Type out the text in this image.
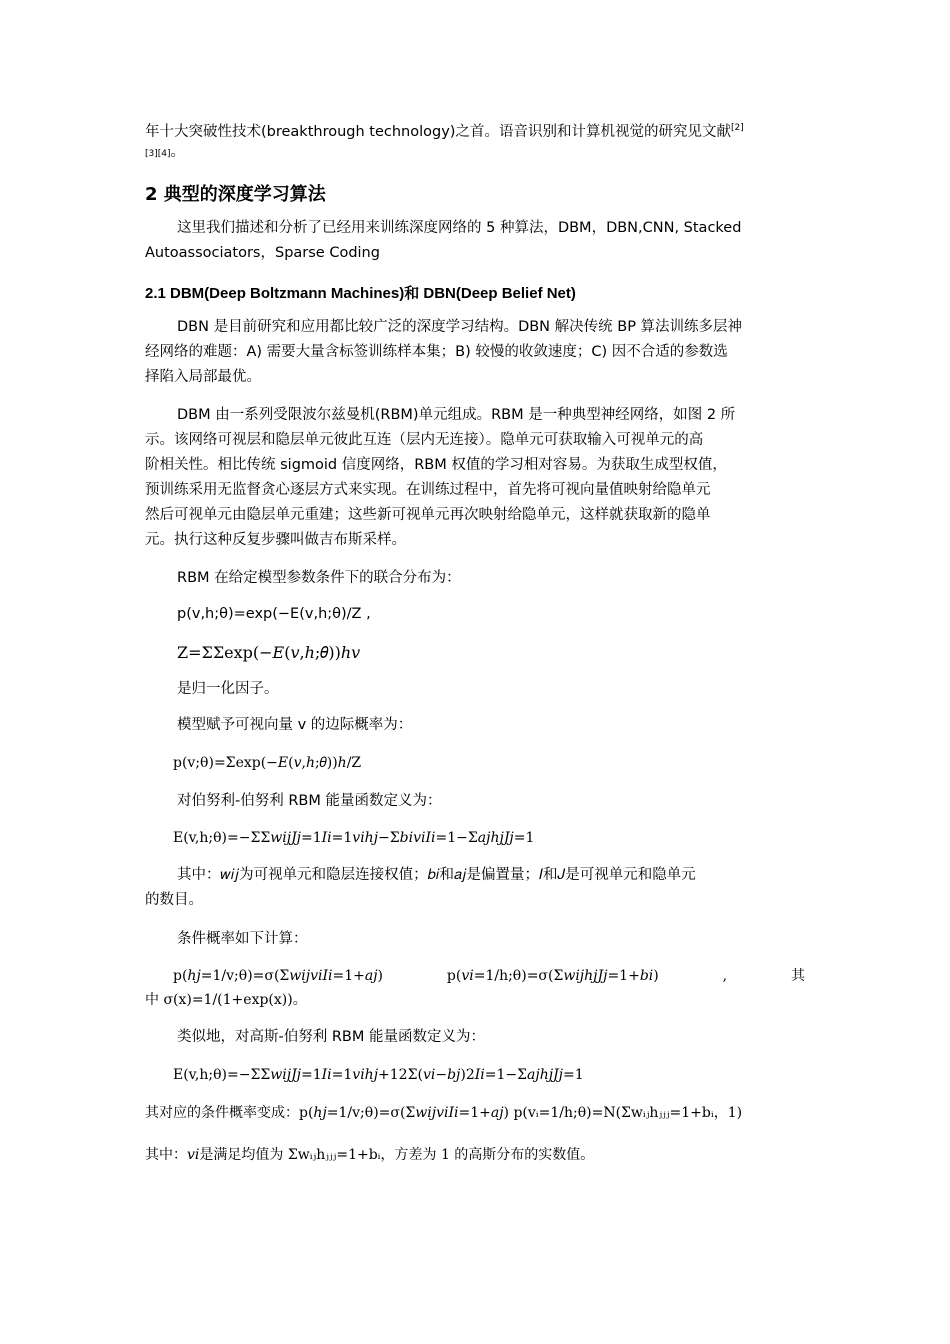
年十大突破性技术(breakthrough technology)之首。语音识别和计算机视觉的研究见文献[2]
[3][4]。
2 典型的深度学习算法
这里我们描述和分析了已经用来训练深度网络的 5 种算法，DBM，DBN,CNN, Stacked
Autoassociators，Sparse Coding
2.1 DBM(Deep Boltzmann Machines)和 DBN(Deep Belief Net)
DBN 是目前研究和应用都比较广泛的深度学习结构。DBN 解决传统 BP 算法训练多层神
经网络的难题：A) 需要大量含标签训练样本集；B) 较慢的收敛速度；C) 因不合适的参数选
择陷入局部最优。
DBM 由一系列受限波尔兹曼机(RBM)单元组成。RBM 是一种典型神经网络，如图 2 所
示。该网络可视层和隐层单元彼此互连（层内无连接）。隐单元可获取输入可视单元的高
阶相关性。相比传统 sigmoid 信度网络，RBM 权值的学习相对容易。为获取生成型权值，
预训练采用无监督贪心逐层方式来实现。在训练过程中，首先将可视向量值映射给隐单元
然后可视单元由隐层单元重建；这些新可视单元再次映射给隐单元，这样就获取新的隐单
元。执行这种反复步骤叫做吉布斯采样。
RBM 在给定模型参数条件下的联合分布为：
p(v,h;θ)=exp(−E(v,h;θ)/Z ,
Z=ΣΣexp(−𝐸(𝑣,ℎ;𝜃))ℎ𝑣
是归一化因子。
模型赋予可视向量 v 的边际概率为：
p(v;θ)=Σexp(−𝐸(𝑣,ℎ;𝜃))ℎ/Z
对伯努利-伯努利 RBM 能量函数定义为：
E(v,h;θ)=−ΣΣ𝑤𝑖𝑗𝐽𝑗=1𝐼𝑖=1𝑣𝑖ℎ𝑗−Σ𝑏𝑖𝑣𝑖𝐼𝑖=1−Σ𝑎𝑗ℎ𝑗𝐽𝑗=1
其中：𝑤𝑖𝑗为可视单元和隐层连接权值；𝑏𝑖和𝑎𝑗是偏置量；𝐼和𝐽是可视单元和隐单元
的数目。
条件概率如下计算：
p(ℎ𝑗=1/v;θ)=σ(Σ𝑤𝑖𝑗𝑣𝑖𝐼𝑖=1+𝑎𝑗)	p(𝑣𝑖=1/h;θ)=σ(Σ𝑤𝑖𝑗ℎ𝑗𝐽𝑗=1+𝑏𝑖)	,	其
中 σ(x)=1/(1+exp(x))。
类似地，对高斯-伯努利 RBM 能量函数定义为：
E(v,h;θ)=−ΣΣ𝑤𝑖𝑗𝐽𝑗=1𝐼𝑖=1𝑣𝑖ℎ𝑗+12Σ(𝑣𝑖−𝑏𝑗)2𝐼𝑖=1−Σ𝑎𝑗ℎ𝑗𝐽𝑗=1
其对应的条件概率变成：p(ℎ𝑗=1/v;θ)=σ(Σ𝑤𝑖𝑗𝑣𝑖𝐼𝑖=1+𝑎𝑗) p(vᵢ=1/h;θ)=N(Σwᵢⱼhⱼⱼⱼ=1+bᵢ，1)
其中：𝑣𝑖是满足均值为 Σwᵢⱼhⱼⱼⱼ=1+bᵢ，方差为 1 的高斯分布的实数值。
